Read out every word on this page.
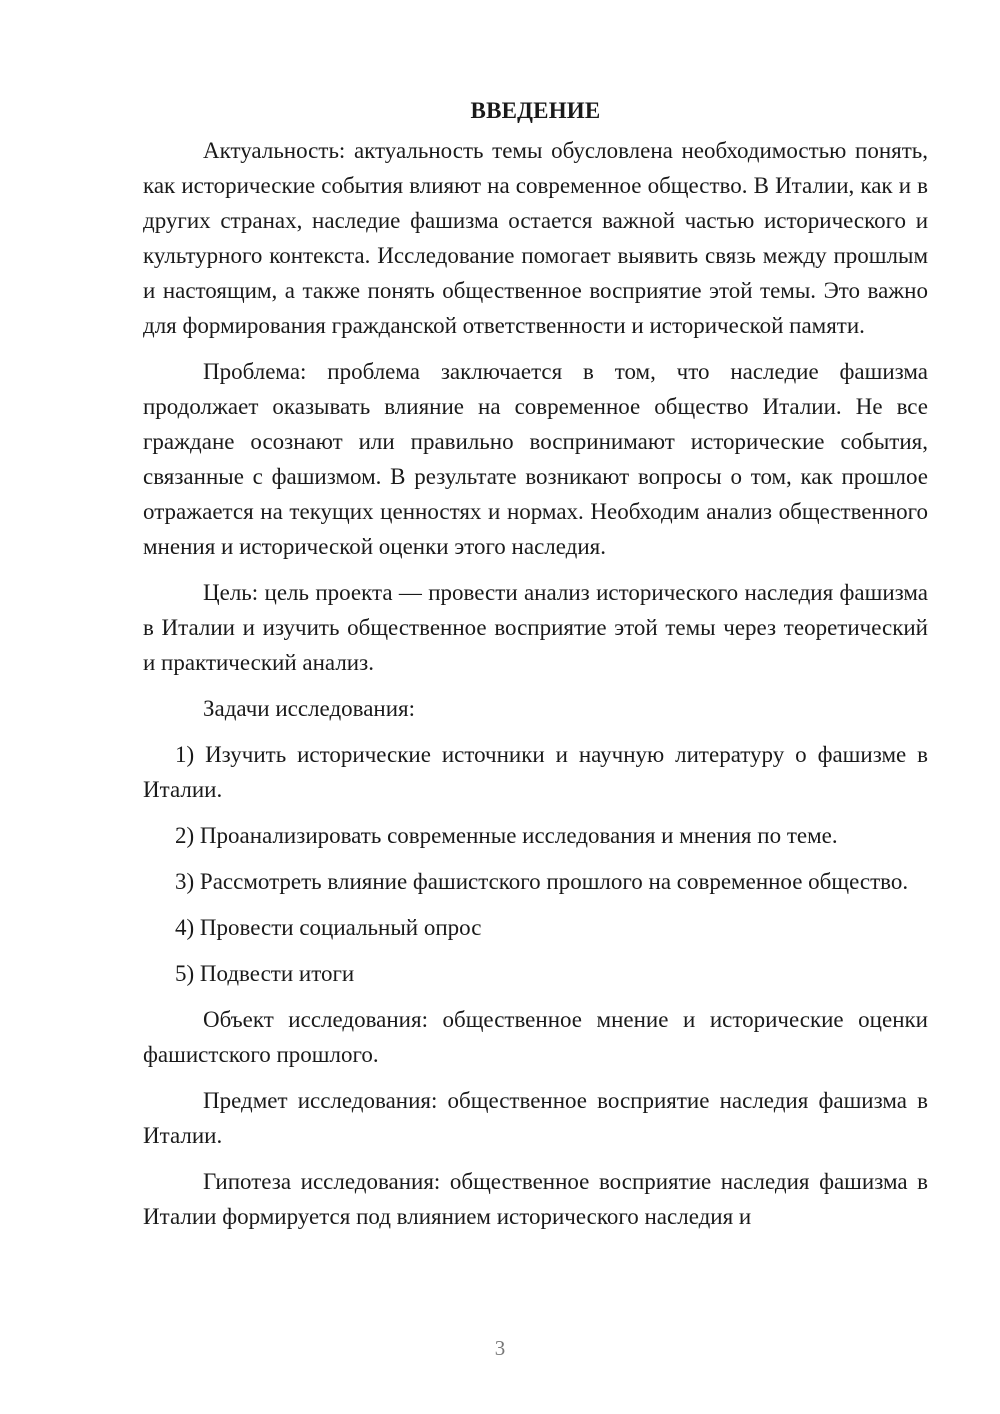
ВВЕДЕНИЕ

Актуальность: актуальность темы обусловлена необходимостью понять, как исторические события влияют на современное общество. В Италии, как и в других странах, наследие фашизма остается важной частью исторического и культурного контекста. Исследование помогает выявить связь между прошлым и настоящим, а также понять общественное восприятие этой темы. Это важно для формирования гражданской ответственности и исторической памяти.

Проблема: проблема заключается в том, что наследие фашизма продолжает оказывать влияние на современное общество Италии. Не все граждане осознают или правильно воспринимают исторические события, связанные с фашизмом. В результате возникают вопросы о том, как прошлое отражается на текущих ценностях и нормах. Необходим анализ общественного мнения и исторической оценки этого наследия.

Цель: цель проекта — провести анализ исторического наследия фашизма в Италии и изучить общественное восприятие этой темы через теоретический и практический анализ.

Задачи исследования:

1) Изучить исторические источники и научную литературу о фашизме в Италии.

2) Проанализировать современные исследования и мнения по теме.

3) Рассмотреть влияние фашистского прошлого на современное общество.

4) Провести социальный опрос

5) Подвести итоги

Объект исследования: общественное мнение и исторические оценки фашистского прошлого.

Предмет исследования: общественное восприятие наследия фашизма в Италии.

Гипотеза исследования: общественное восприятие наследия фашизма в Италии формируется под влиянием исторического наследия и

3
